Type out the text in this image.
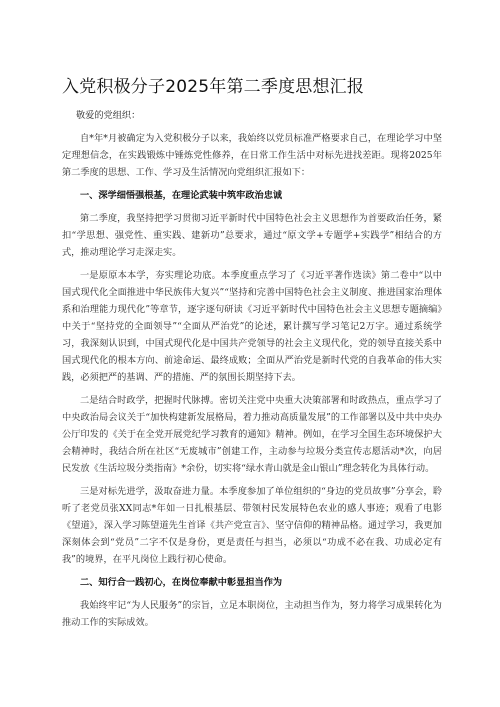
入党积极分子2025年第二季度思想汇报

敬爱的党组织：

自*年*月被确定为入党积极分子以来，我始终以党员标准严格要求自己，在理论学习中坚定理想信念，在实践锻炼中锤炼党性修养，在日常工作生活中对标先进找差距。现将2025年第二季度的思想、工作、学习及生活情况向党组织汇报如下：

一、深学细悟强根基，在理论武装中筑牢政治忠诚

第二季度，我坚持把学习贯彻习近平新时代中国特色社会主义思想作为首要政治任务，紧扣“学思想、强党性、重实践、建新功”总要求，通过“原文学+专题学+实践学”相结合的方式，推动理论学习走深走实。

一是原原本本学，夯实理论功底。本季度重点学习了《习近平著作选读》第二卷中“以中国式现代化全面推进中华民族伟大复兴”“坚持和完善中国特色社会主义制度、推进国家治理体系和治理能力现代化”等章节，逐字逐句研读《习近平新时代中国特色社会主义思想专题摘编》中关于“坚持党的全面领导”“全面从严治党”的论述，累计撰写学习笔记2万字。通过系统学习，我深刻认识到，中国式现代化是中国共产党领导的社会主义现代化，党的领导直接关系中国式现代化的根本方向、前途命运、最终成败；全面从严治党是新时代党的自我革命的伟大实践，必须把严的基调、严的措施、严的氛围长期坚持下去。

二是结合时政学，把握时代脉搏。密切关注党中央重大决策部署和时政热点，重点学习了中央政治局会议关于“加快构建新发展格局，着力推动高质量发展”的工作部署以及中共中央办公厅印发的《关于在全党开展党纪学习教育的通知》精神。例如，在学习全国生态环境保护大会精神时，我结合所在社区“无废城市”创建工作，主动参与垃圾分类宣传志愿活动*次，向居民发放《生活垃圾分类指南》*余份，切实将“绿水青山就是金山银山”理念转化为具体行动。

三是对标先进学，汲取奋进力量。本季度参加了单位组织的“身边的党员故事”分享会，聆听了老党员张XX同志*年如一日扎根基层、带领村民发展特色农业的感人事迹；观看了电影《望道》，深入学习陈望道先生首译《共产党宣言》、坚守信仰的精神品格。通过学习，我更加深刻体会到“党员”二字不仅是身份，更是责任与担当，必须以“功成不必在我、功成必定有我”的境界，在平凡岗位上践行初心使命。

二、知行合一践初心，在岗位奉献中彰显担当作为

我始终牢记“为人民服务”的宗旨，立足本职岗位，主动担当作为，努力将学习成果转化为推动工作的实际成效。
